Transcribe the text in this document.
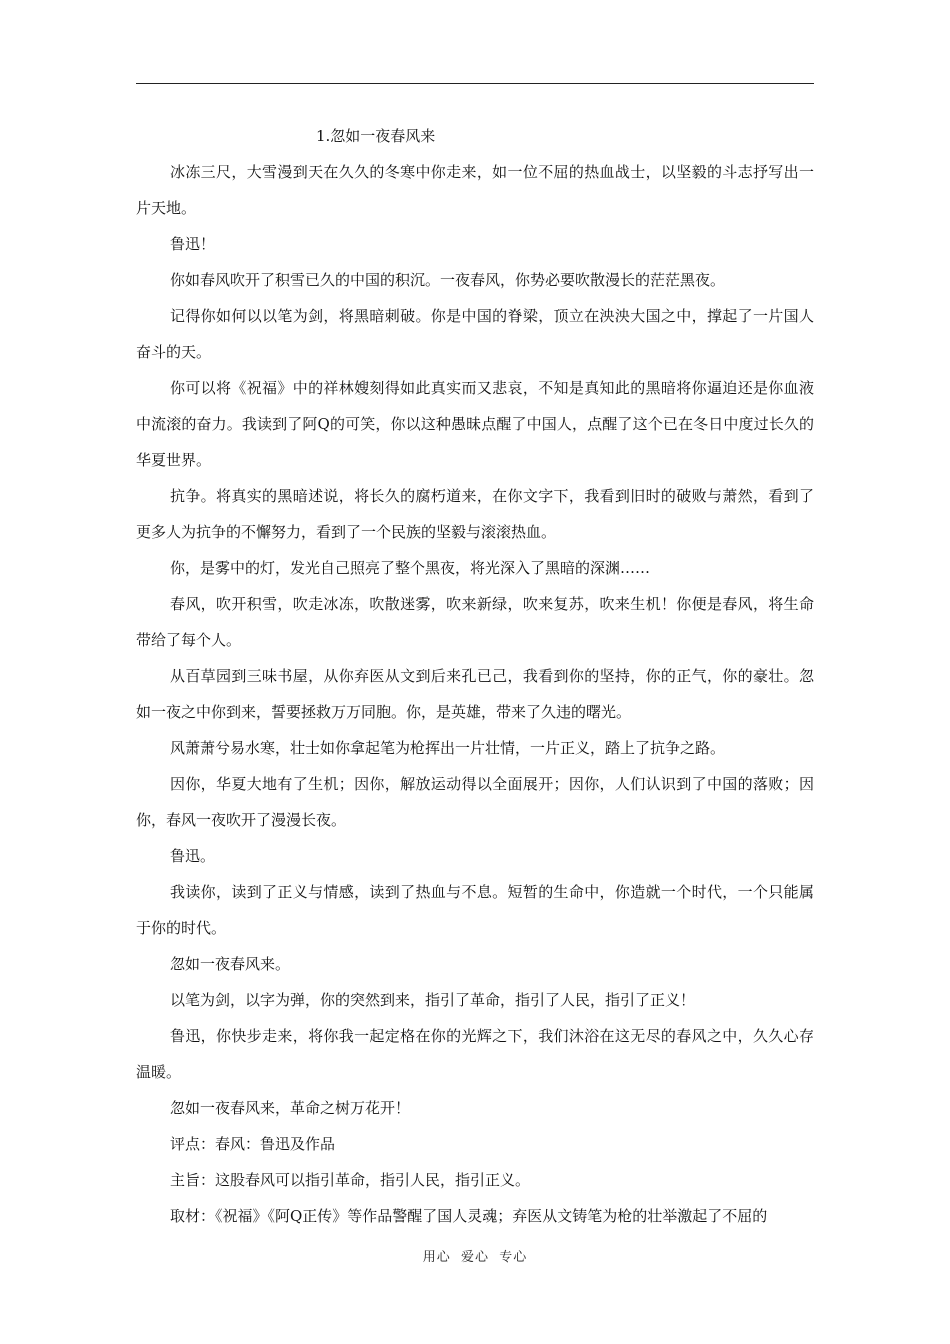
1.忽如一夜春风来

冰冻三尺，大雪漫到天在久久的冬寒中你走来，如一位不屈的热血战士，以坚毅的斗志抒写出一片天地。

鲁迅！

你如春风吹开了积雪已久的中国的积沉。一夜春风，你势必要吹散漫长的茫茫黑夜。

记得你如何以以笔为剑，将黑暗刺破。你是中国的脊梁，顶立在泱泱大国之中，撑起了一片国人奋斗的天。

你可以将《祝福》中的祥林嫂刻得如此真实而又悲哀，不知是真知此的黑暗将你逼迫还是你血液中流滚的奋力。我读到了阿Q的可笑，你以这种愚昧点醒了中国人，点醒了这个已在冬日中度过长久的华夏世界。

抗争。将真实的黑暗述说，将长久的腐朽道来，在你文字下，我看到旧时的破败与萧然，看到了更多人为抗争的不懈努力，看到了一个民族的坚毅与滚滚热血。

你，是雾中的灯，发光自己照亮了整个黑夜，将光深入了黑暗的深渊……

春风，吹开积雪，吹走冰冻，吹散迷雾，吹来新绿，吹来复苏，吹来生机！你便是春风，将生命带给了每个人。

从百草园到三味书屋，从你弃医从文到后来孔已己，我看到你的坚持，你的正气，你的豪壮。忽如一夜之中你到来，誓要拯救万万同胞。你，是英雄，带来了久违的曙光。

风萧萧兮易水寒，壮士如你拿起笔为枪挥出一片壮情，一片正义，踏上了抗争之路。

因你，华夏大地有了生机；因你，解放运动得以全面展开；因你，人们认识到了中国的落败；因你，春风一夜吹开了漫漫长夜。

鲁迅。

我读你，读到了正义与情感，读到了热血与不息。短暂的生命中，你造就一个时代，一个只能属于你的时代。

忽如一夜春风来。

以笔为剑，以字为弹，你的突然到来，指引了革命，指引了人民，指引了正义！

鲁迅，你快步走来，将你我一起定格在你的光辉之下，我们沐浴在这无尽的春风之中，久久心存温暖。

忽如一夜春风来，革命之树万花开！

评点：春风：鲁迅及作品

主旨：这股春风可以指引革命，指引人民，指引正义。

取材：《祝福》《阿Q正传》等作品警醒了国人灵魂；弃医从文铸笔为枪的壮举激起了不屈的

用心  爱心  专心
